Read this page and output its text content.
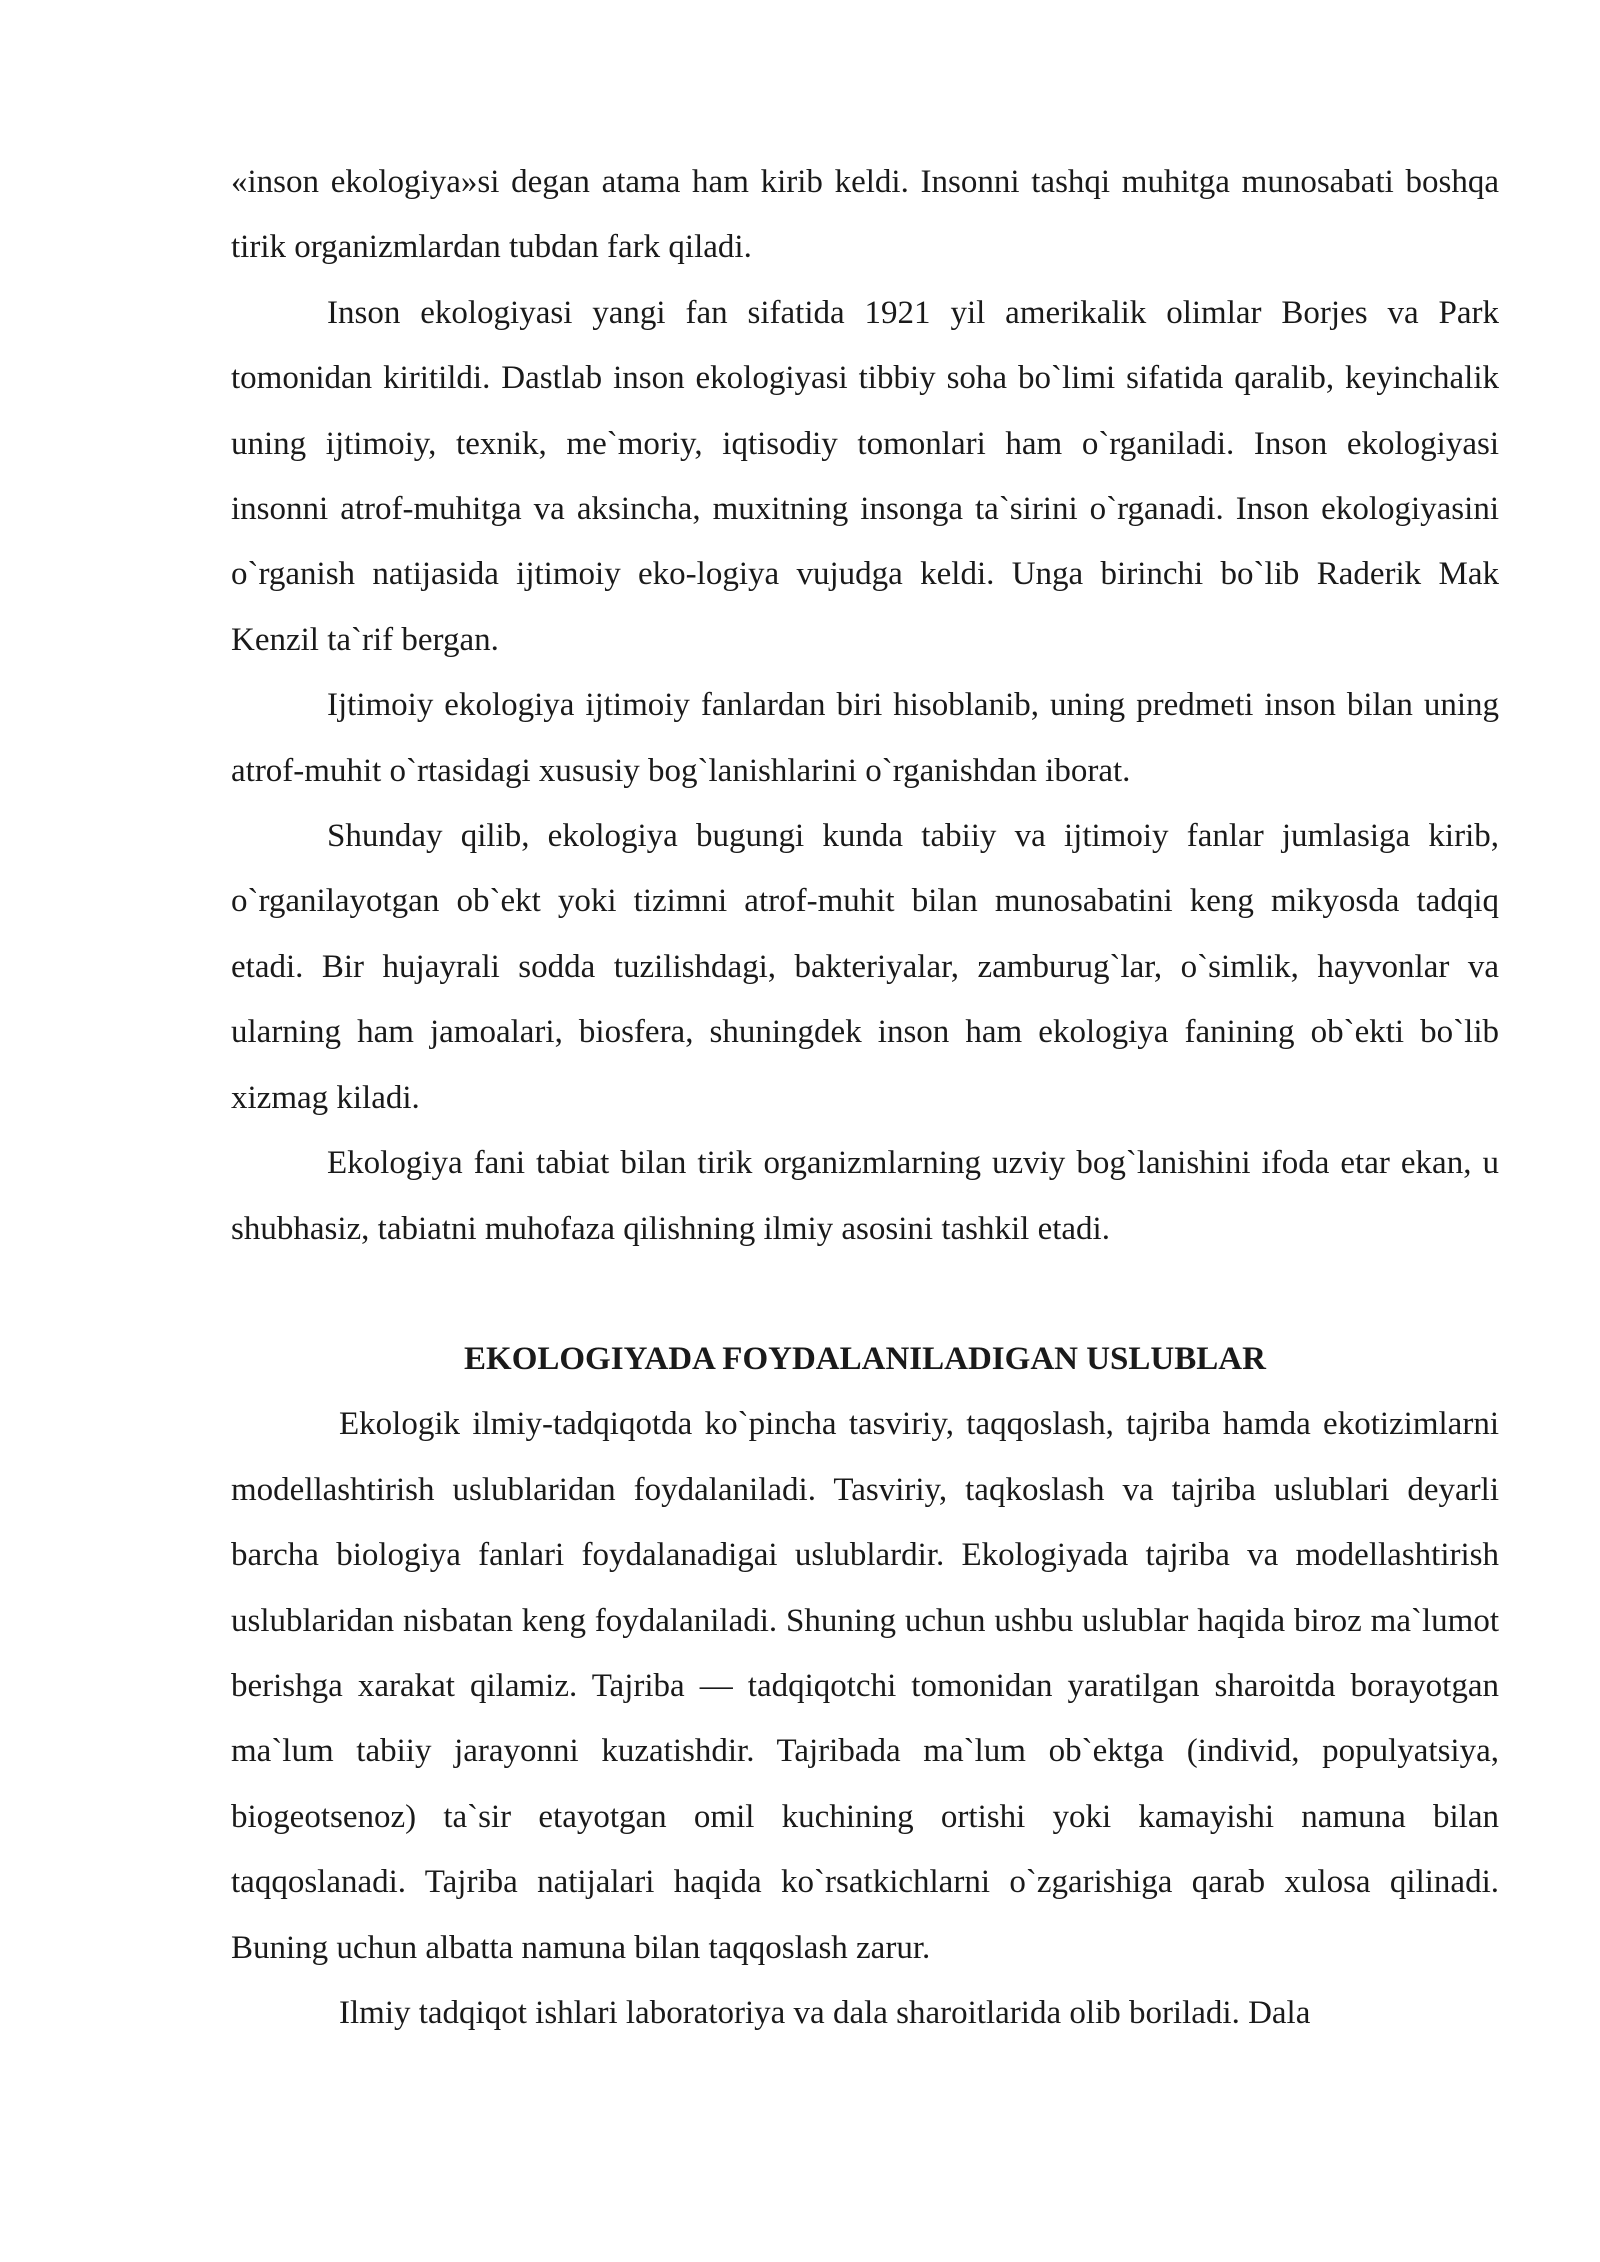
«inson ekologiya»si degan atama ham kirib keldi. Insonni tashqi muhitga munosabati boshqa tirik organizmlardan tubdan fark qiladi.

Inson ekologiyasi yangi fan sifatida 1921 yil amerikalik olimlar Borjes va Park tomonidan kiritildi. Dastlab inson ekologiyasi tibbiy soha bo`limi sifatida qaralib, keyinchalik uning ijtimoiy, texnik, me`moriy, iqtisodiy tomonlari ham o`rganiladi. Inson ekologiyasi insonni atrof-muhitga va aksincha, muxitning insonga ta`sirini o`rganadi. Inson ekologiyasini o`rganish natijasida ijtimoiy eko-logiya vujudga keldi. Unga birinchi bo`lib Raderik Mak Kenzil ta`rif bergan.

Ijtimoiy ekologiya ijtimoiy fanlardan biri hisoblanib, uning predmeti inson bilan uning atrof-muhit o`rtasidagi xususiy bog`lanishlarini o`rganishdan iborat.

Shunday qilib, ekologiya bugungi kunda tabiiy va ijtimoiy fanlar jumlasiga kirib, o`rganilayotgan ob`ekt yoki tizimni atrof-muhit bilan munosabatini keng mikyosda tadqiq etadi. Bir hujayrali sodda tuzilishdagi, bakteriyalar, zamburug`lar, o`simlik, hayvonlar va ularning ham jamoalari, biosfera, shuningdek inson ham ekologiya fanining ob`ekti bo`lib xizmag kiladi.

Ekologiya fani tabiat bilan tirik organizmlarning uzviy bog`lanishini ifoda etar ekan, u shubhasiz, tabiatni muhofaza qilishning ilmiy asosini tashkil etadi.

EKOLOGIYADA FOYDALANILADIGAN USLUBLAR

Ekologik ilmiy-tadqiqotda ko`pincha tasviriy, taqqoslash, tajriba hamda ekotizimlarni modellashtirish uslublaridan foydalaniladi. Tasviriy, taqkoslash va tajriba uslublari deyarli barcha biologiya fanlari foydalanadigai uslublardir. Ekologiyada tajriba va modellashtirish uslublaridan nisbatan keng foydalaniladi. Shuning uchun ushbu uslublar haqida biroz ma`lumot berishga xarakat qilamiz. Tajriba — tadqiqotchi tomonidan yaratilgan sharoitda borayotgan ma`lum tabiiy jarayonni kuzatishdir. Tajribada ma`lum ob`ektga (individ, populyatsiya, biogeotsenoz) ta`sir etayotgan omil kuchining ortishi yoki kamayishi namuna bilan taqqoslanadi. Tajriba natijalari haqida ko`rsatkichlarni o`zgarishiga qarab xulosa qilinadi. Buning uchun albatta namuna bilan taqqoslash zarur.

Ilmiy tadqiqot ishlari laboratoriya va dala sharoitlarida olib boriladi. Dala
